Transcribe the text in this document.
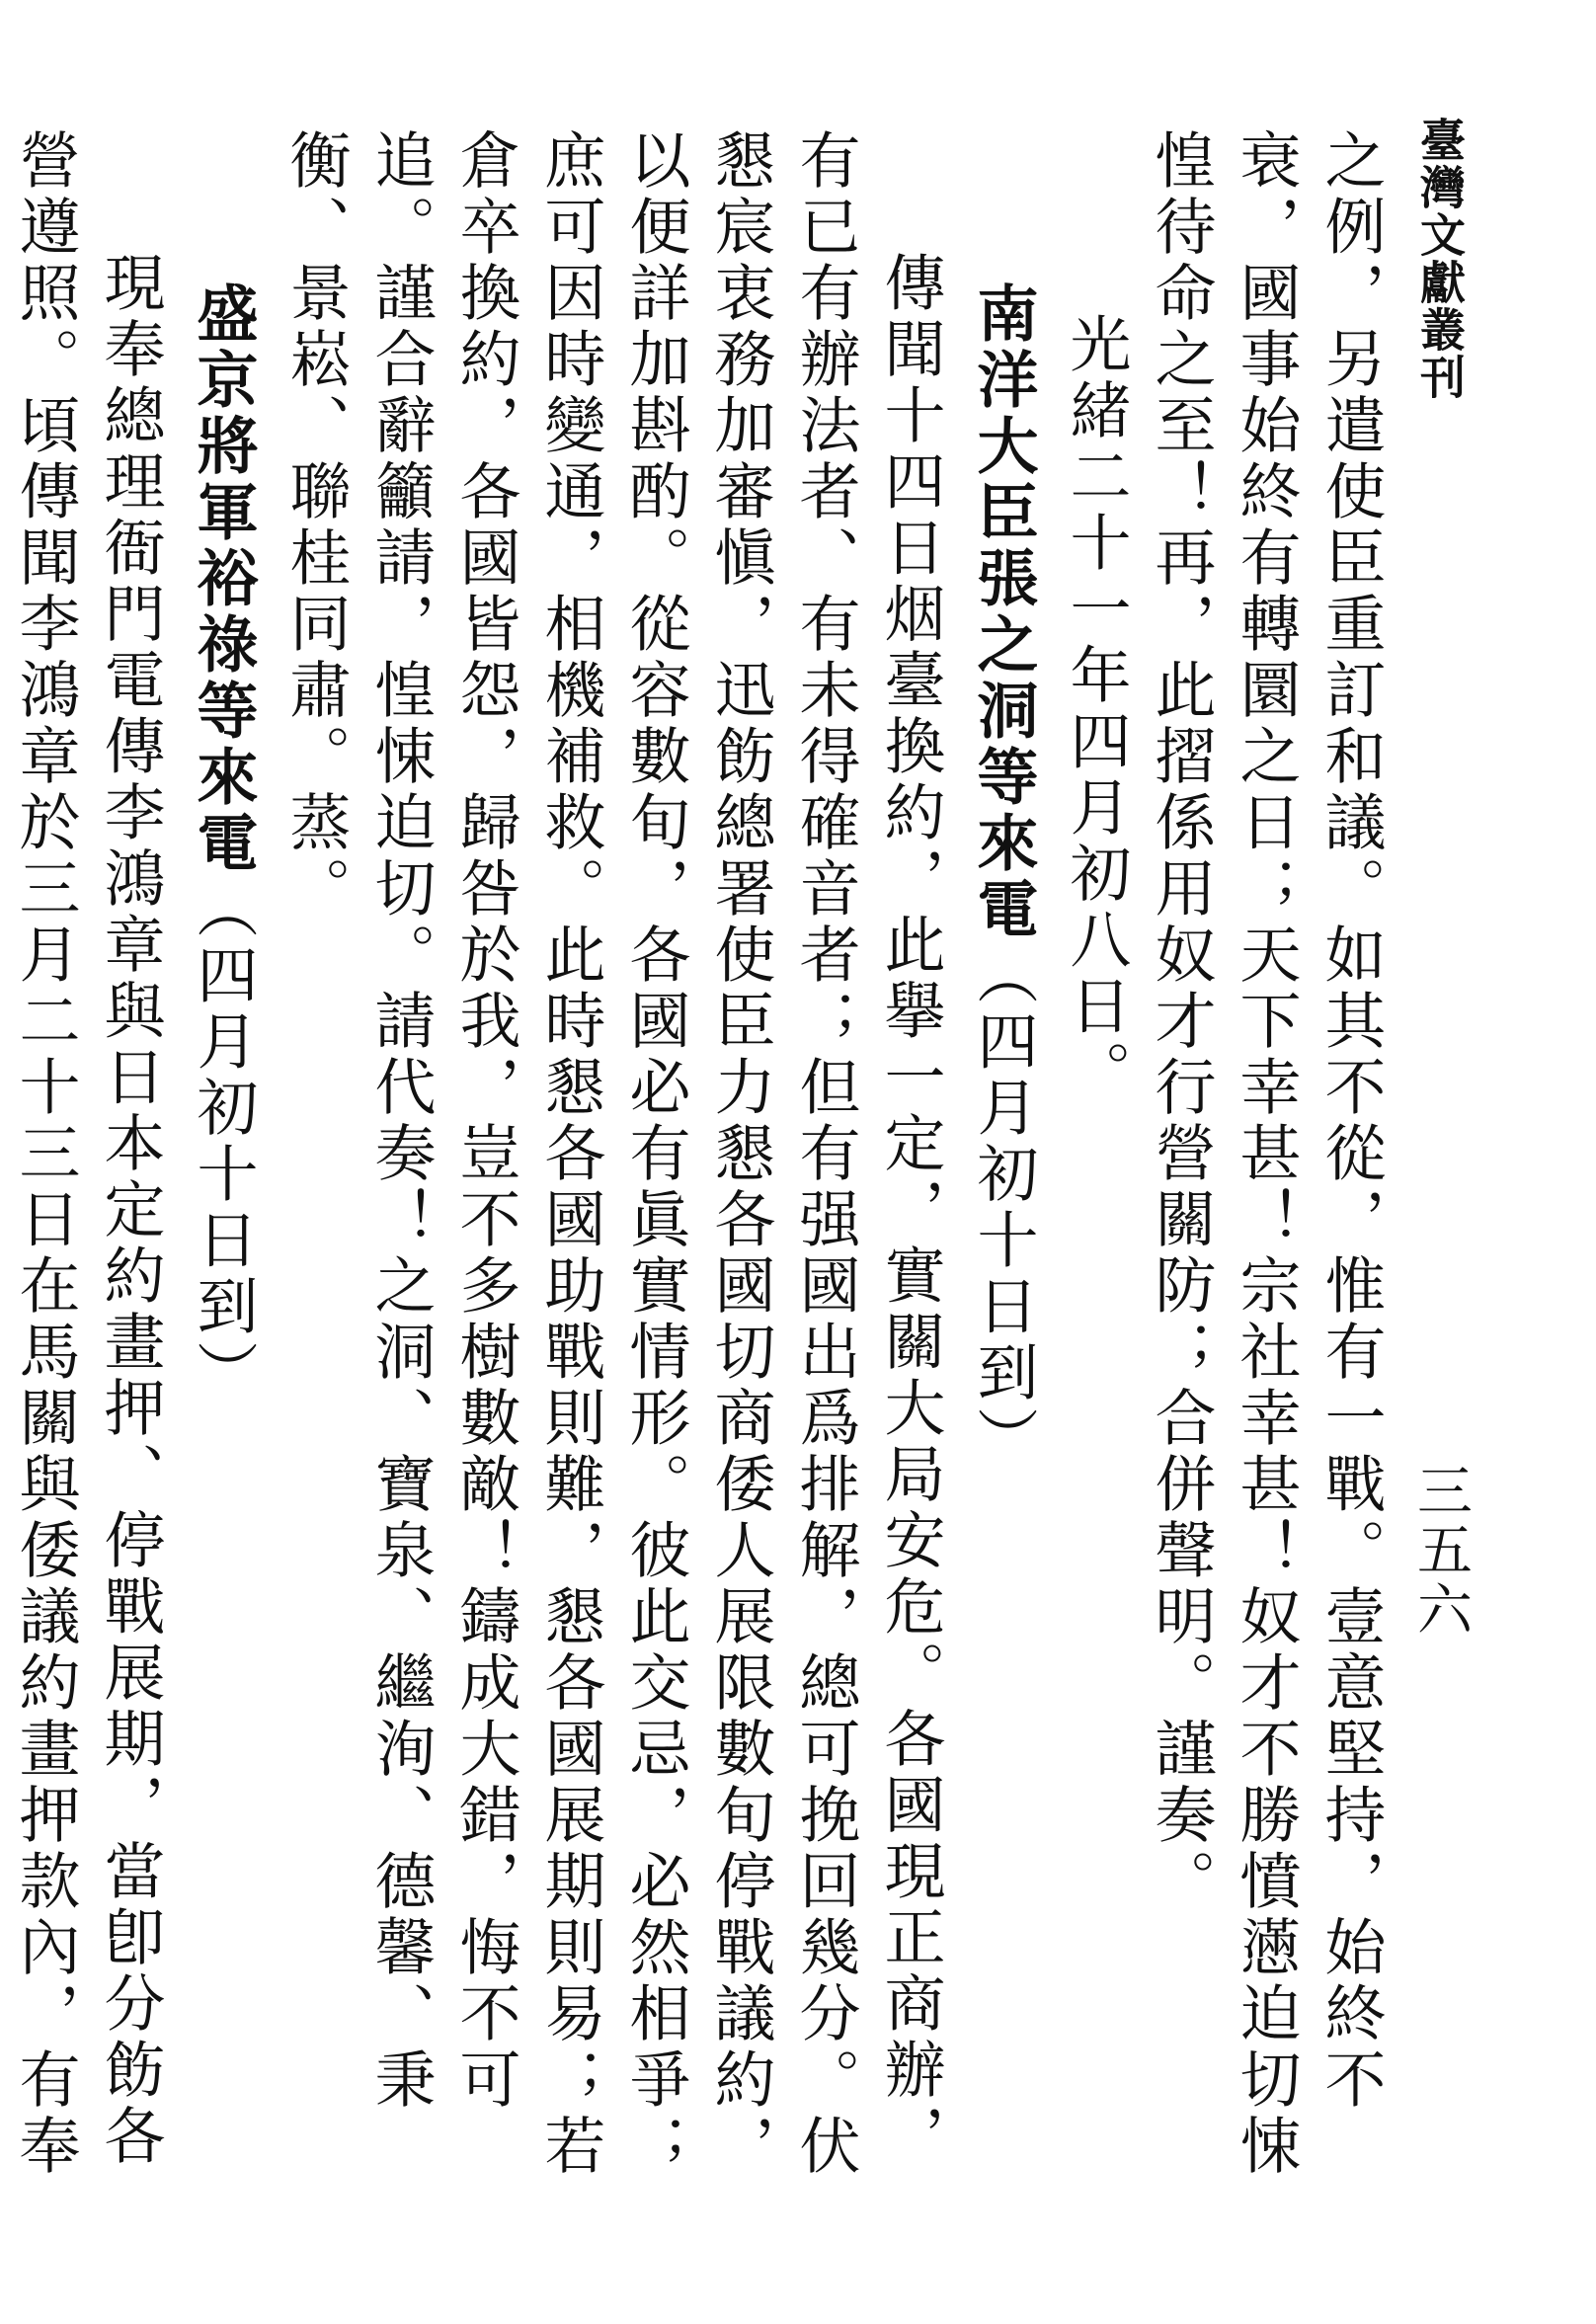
臺灣文獻叢刊
三五六

之例，另遣使臣重訂和議。如其不從，惟有一戰。壹意堅持，始終不衰，國事始終有轉圜之日；天下幸甚！宗社幸甚！奴才不勝憤懣迫切悚惶待命之至！再，此摺係用奴才行營關防；合併聲明。謹奏。

光緒二十一年四月初八日。

南洋大臣張之洞等來電（四月初十日到）

傳聞十四日烟臺換約，此擧一定，實關大局安危。各國現正商辦，有已有辦法者、有未得確音者；但有强國出爲排解，總可挽回幾分。伏懇宸衷務加審愼，迅飭總署使臣力懇各國切商倭人展限數旬停戰議約，以便詳加斟酌。從容數旬，各國必有眞實情形。彼此交忌，必然相爭；庶可因時變通，相機補救。此時懇各國助戰則難，懇各國展期則易；若倉卒換約，各國皆怨，歸咎於我，豈不多樹數敵！鑄成大錯，悔不可追。謹合辭籲請，惶悚迫切。請代奏！之洞、寶泉、繼洵、德馨、秉衡、景崧、聯桂同肅。蒸。

盛京將軍裕祿等來電（四月初十日到）

現奉總理衙門電傳李鴻章與日本定約畫押、停戰展期，當卽分飭各營遵照。頃傳聞李鴻章於三月二十三日在馬關與倭議約畫押款內，有奉
